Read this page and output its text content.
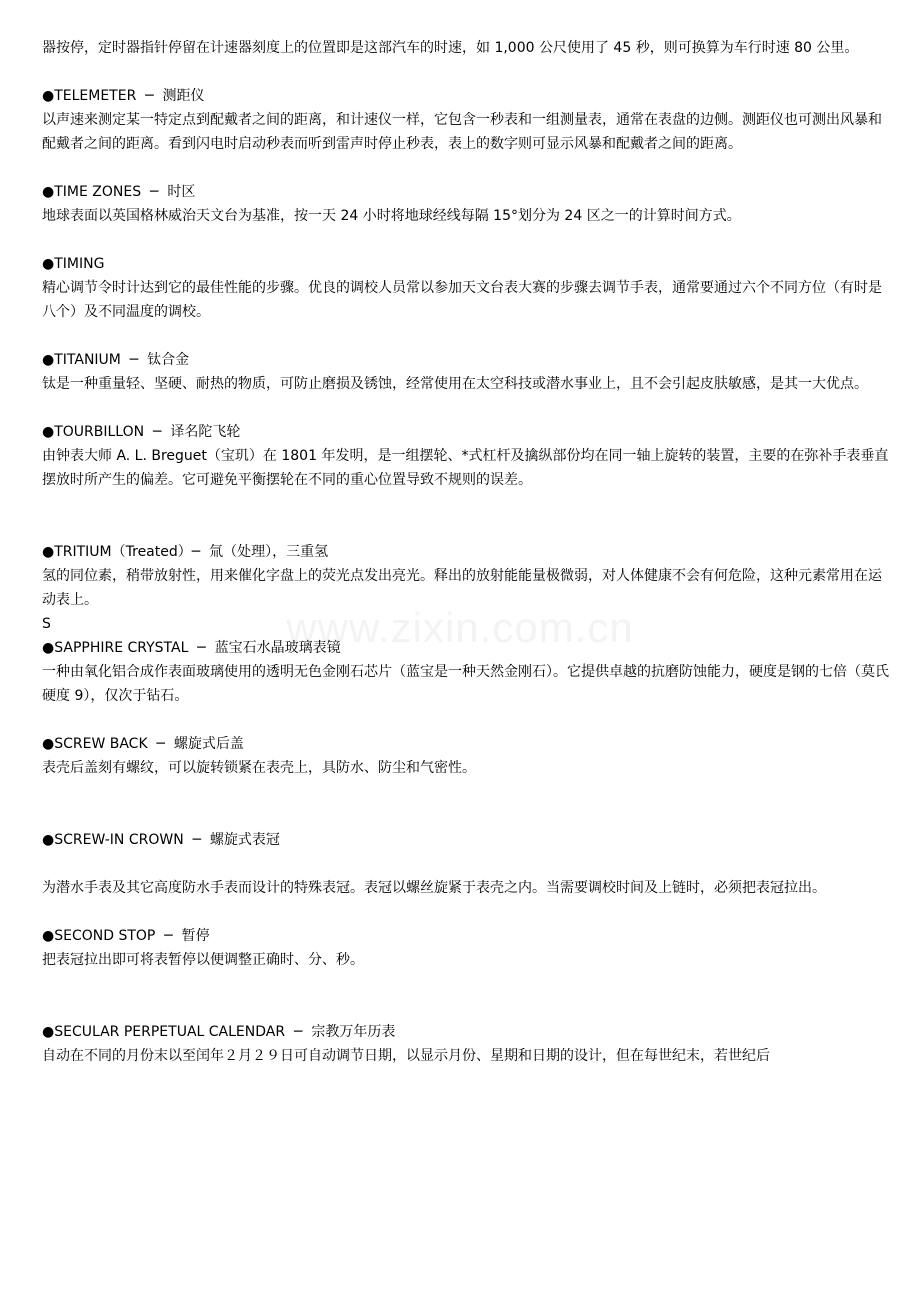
www.zixin.com.cn

器按停，定时器指针停留在计速器刻度上的位置即是这部汽车的时速，如 1,000 公尺使用了 45 秒，则可换算为车行时速 80 公里。

●TELEMETER  ─  测距仪

以声速来测定某一特定点到配戴者之间的距离，和计速仪一样，它包含一秒表和一组测量表，通常在表盘的边侧。测距仪也可测出风暴和配戴者之间的距离。看到闪电时启动秒表而听到雷声时停止秒表，表上的数字则可显示风暴和配戴者之间的距离。

●TIME ZONES  ─  时区

地球表面以英国格林威治天文台为基准，按一天 24 小时将地球经线每隔 15°划分为 24 区之一的计算时间方式。

●TIMING

精心调节令时计达到它的最佳性能的步骤。优良的调校人员常以参加天文台表大赛的步骤去调节手表，通常要通过六个不同方位（有时是八个）及不同温度的调校。

●TITANIUM  ─  钛合金

钛是一种重量轻、坚硬、耐热的物质，可防止磨损及锈蚀，经常使用在太空科技或潜水事业上，且不会引起皮肤敏感，是其一大优点。

●TOURBILLON  ─  译名陀飞轮

由钟表大师 A. L. Breguet（宝玑）在 1801 年发明，是一组摆轮、*式杠杆及擒纵部份均在同一轴上旋转的装置，主要的在弥补手表垂直摆放时所产生的偏差。它可避免平衡摆轮在不同的重心位置导致不规则的误差。

●TRITIUM（Treated）─  氚（处理），三重氢

氢的同位素，稍带放射性，用来催化字盘上的荧光点发出亮光。释出的放射能能量极微弱，对人体健康不会有何危险，这种元素常用在运动表上。

S

●SAPPHIRE CRYSTAL  ─  蓝宝石水晶玻璃表镜

一种由氧化铝合成作表面玻璃使用的透明无色金刚石芯片（蓝宝是一种天然金刚石）。它提供卓越的抗磨防蚀能力，硬度是钢的七倍（莫氏硬度 9），仅次于钻石。

●SCREW BACK  ─  螺旋式后盖

表壳后盖刻有螺纹，可以旋转锁紧在表壳上，具防水、防尘和气密性。

●SCREW-IN CROWN  ─  螺旋式表冠

为潜水手表及其它高度防水手表而设计的特殊表冠。表冠以螺丝旋紧于表壳之内。当需要调校时间及上链时，必须把表冠拉出。

●SECOND STOP  ─  暂停

把表冠拉出即可将表暂停以便调整正确时、分、秒。

●SECULAR PERPETUAL CALENDAR  ─  宗教万年历表

自动在不同的月份末以至闰年２月２９日可自动调节日期，以显示月份、星期和日期的设计，但在每世纪末，若世纪后
